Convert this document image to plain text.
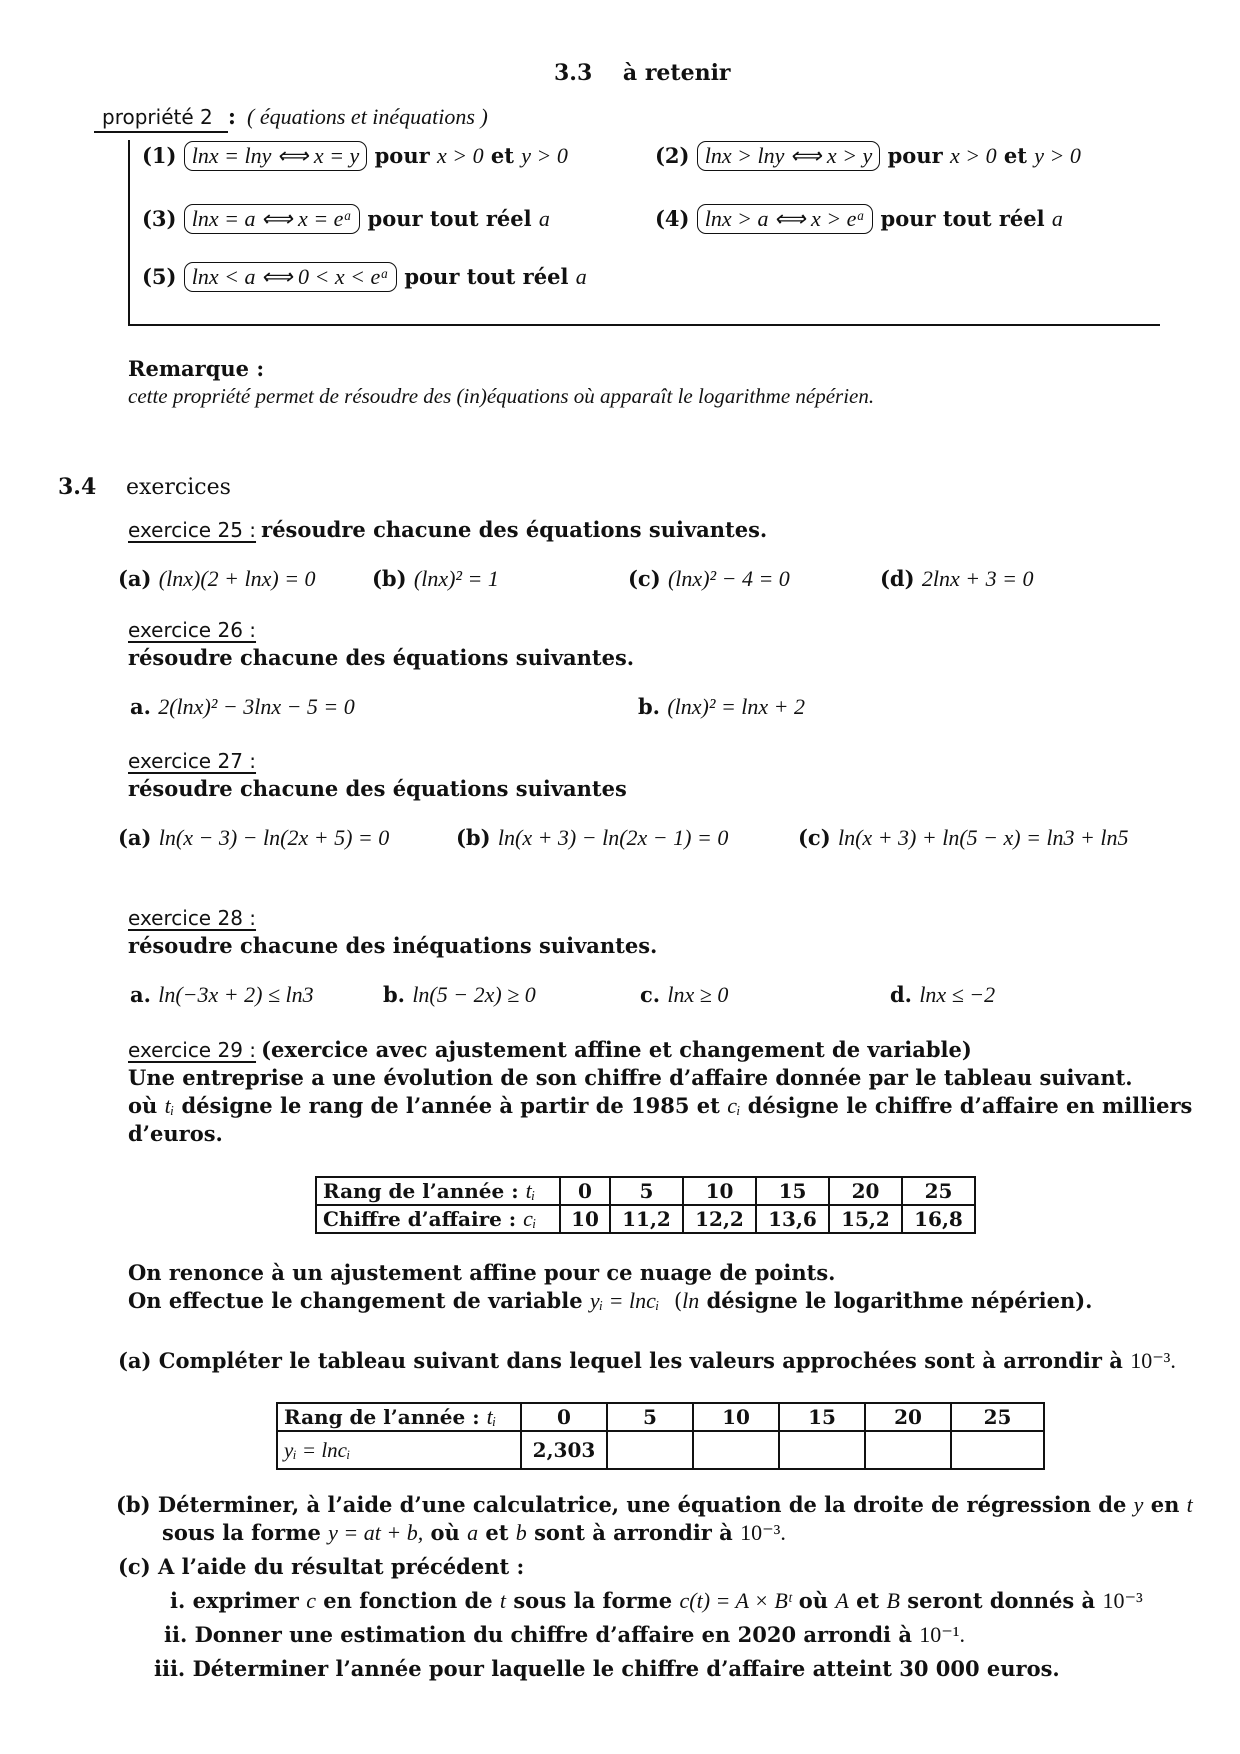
3.3 à retenir
propriété 2 : ( équations et inéquations )
(1) lnx = lny ⟺ x = y pour x > 0 et y > 0	(2) lnx > lny ⟺ x > y pour x > 0 et y > 0
(3) lnx = a ⟺ x = eᵃ pour tout réel a	(4) lnx > a ⟺ x > eᵃ pour tout réel a
(5) lnx < a ⟺ 0 < x < eᵃ pour tout réel a
Remarque :
cette propriété permet de résoudre des (in)équations où apparaît le logarithme népérien.
3.4 exercices
exercice 25 : résoudre chacune des équations suivantes.
(a) (lnx)(2 + lnx) = 0	(b) (lnx)² = 1	(c) (lnx)² − 4 = 0	(d) 2lnx + 3 = 0
exercice 26 :
résoudre chacune des équations suivantes.
a. 2(lnx)² − 3lnx − 5 = 0	b. (lnx)² = lnx + 2
exercice 27 :
résoudre chacune des équations suivantes
(a) ln(x − 3) − ln(2x + 5) = 0	(b) ln(x + 3) − ln(2x − 1) = 0	(c) ln(x + 3) + ln(5 − x) = ln3 + ln5
exercice 28 :
résoudre chacune des inéquations suivantes.
a. ln(−3x + 2) ≤ ln3	b. ln(5 − 2x) ≥ 0	c. lnx ≥ 0	d. lnx ≤ −2
exercice 29 : (exercice avec ajustement affine et changement de variable)
Une entreprise a une évolution de son chiffre d’affaire donnée par le tableau suivant.
où tᵢ désigne le rang de l’année à partir de 1985 et cᵢ désigne le chiffre d’affaire en milliers
d’euros.
Rang de l’année : tᵢ	0	5	10	15	20	25
Chiffre d’affaire : cᵢ	10	11,2	12,2	13,6	15,2	16,8
On renonce à un ajustement affine pour ce nuage de points.
On effectue le changement de variable yᵢ = lncᵢ (ln désigne le logarithme népérien).
(a) Compléter le tableau suivant dans lequel les valeurs approchées sont à arrondir à 10⁻³.
Rang de l’année : tᵢ	0	5	10	15	20	25
yᵢ = lncᵢ	2,303					
(b) Déterminer, à l’aide d’une calculatrice, une équation de la droite de régression de y en t
sous la forme y = at + b, où a et b sont à arrondir à 10⁻³.
(c) A l’aide du résultat précédent :
i. exprimer c en fonction de t sous la forme c(t) = A × Bᵗ où A et B seront donnés à 10⁻³
ii. Donner une estimation du chiffre d’affaire en 2020 arrondi à 10⁻¹.
iii. Déterminer l’année pour laquelle le chiffre d’affaire atteint 30 000 euros.
